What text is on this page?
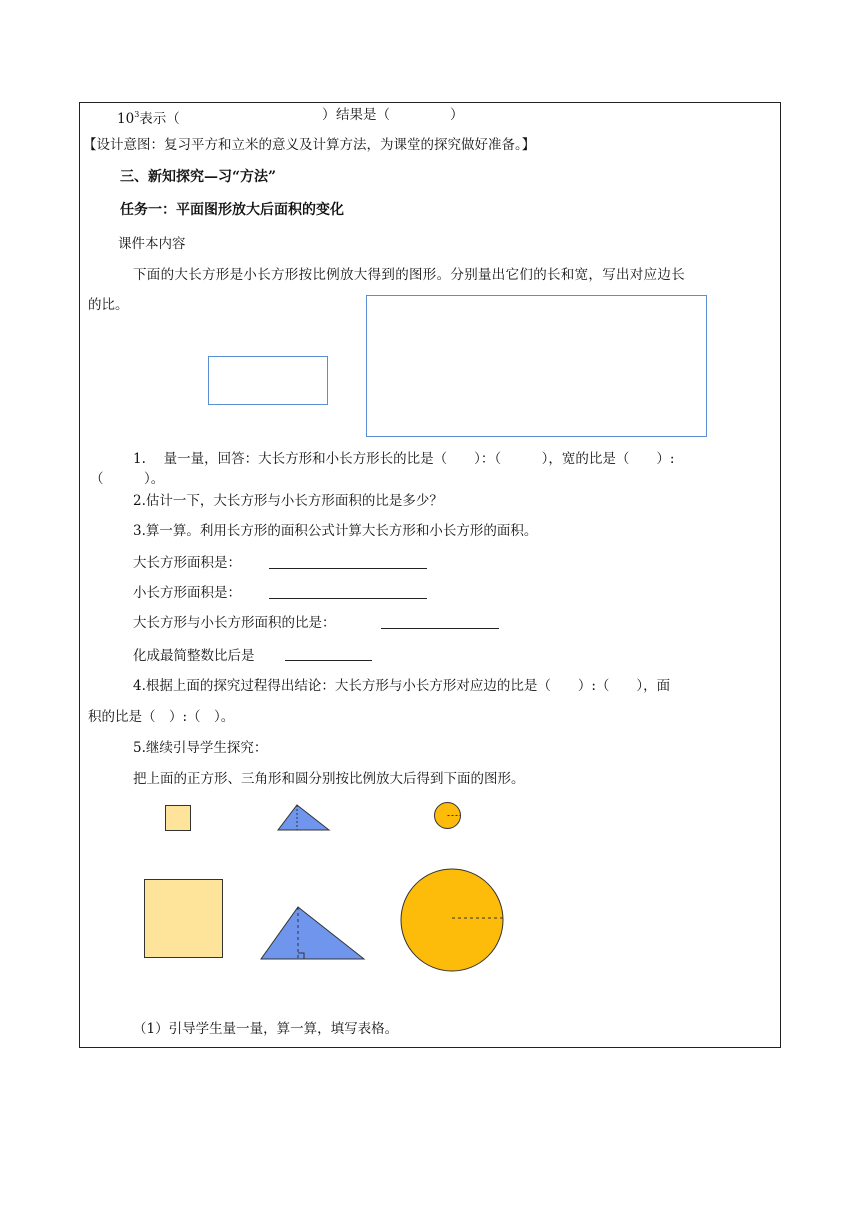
$10^3$表示（	） 结果是（	）
【设计意图：复习平方和立米的意义及计算方法，为课堂的探究做好准备。】
三、新知探究—习“方法”
任务一：平面图形放大后面积的变化
课件本内容
下面的大长方形是小长方形按比例放大得到的图形。分别量出它们的长和宽，写出对应边长
的比。
1.　 量一量，回答：大长方形和小长方形长的比是（　　）：（　　　），宽的比是（　　）:
（　　　）。
2.估计一下，大长方形与小长方形面积的比是多少？
3.算一算。利用长方形的面积公式计算大长方形和小长方形的面积。
大长方形面积是：
小长方形面积是：
大长方形与小长方形面积的比是：
化成最简整数比后是
4.根据上面的探究过程得出结论：大长方形与小长方形对应边的比是（　　）:（　　），面
积的比是（　）:（　）。
5.继续引导学生探究：
把上面的正方形、三角形和圆分别按比例放大后得到下面的图形。
（1）引导学生量一量，算一算，填写表格。
